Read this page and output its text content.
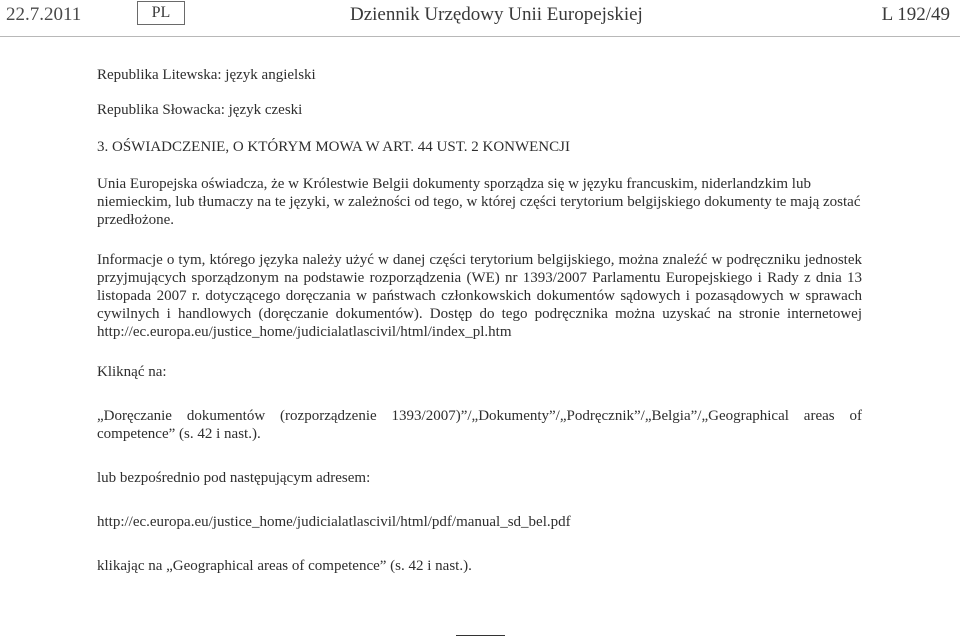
22.7.2011	PL	Dziennik Urzędowy Unii Europejskiej	L 192/49

Republika Litewska: język angielski

Republika Słowacka: język czeski

3. OŚWIADCZENIE, O KTÓRYM MOWA W ART. 44 UST. 2 KONWENCJI

Unia Europejska oświadcza, że w Królestwie Belgii dokumenty sporządza się w języku francuskim, niderlandzkim lub niemieckim, lub tłumaczy na te języki, w zależności od tego, w której części terytorium belgijskiego dokumenty te mają zostać przedłożone.

Informacje o tym, którego języka należy użyć w danej części terytorium belgijskiego, można znaleźć w podręczniku jednostek przyjmujących sporządzonym na podstawie rozporządzenia (WE) nr 1393/2007 Parlamentu Europejskiego i Rady z dnia 13 listopada 2007 r. dotyczącego doręczania w państwach członkowskich dokumentów sądowych i pozasądowych w sprawach cywilnych i handlowych (doręczanie dokumentów). Dostęp do tego podręcznika można uzyskać na stronie internetowej http://ec.europa.eu/justice_home/judicialatlascivil/html/index_pl.htm

Kliknąć na:

„Doręczanie dokumentów (rozporządzenie 1393/2007)”/„Dokumenty”/„Podręcznik”/„Belgia”/„Geographical areas of competence” (s. 42 i nast.).

lub bezpośrednio pod następującym adresem:

http://ec.europa.eu/justice_home/judicialatlascivil/html/pdf/manual_sd_bel.pdf

klikając na „Geographical areas of competence” (s. 42 i nast.).
